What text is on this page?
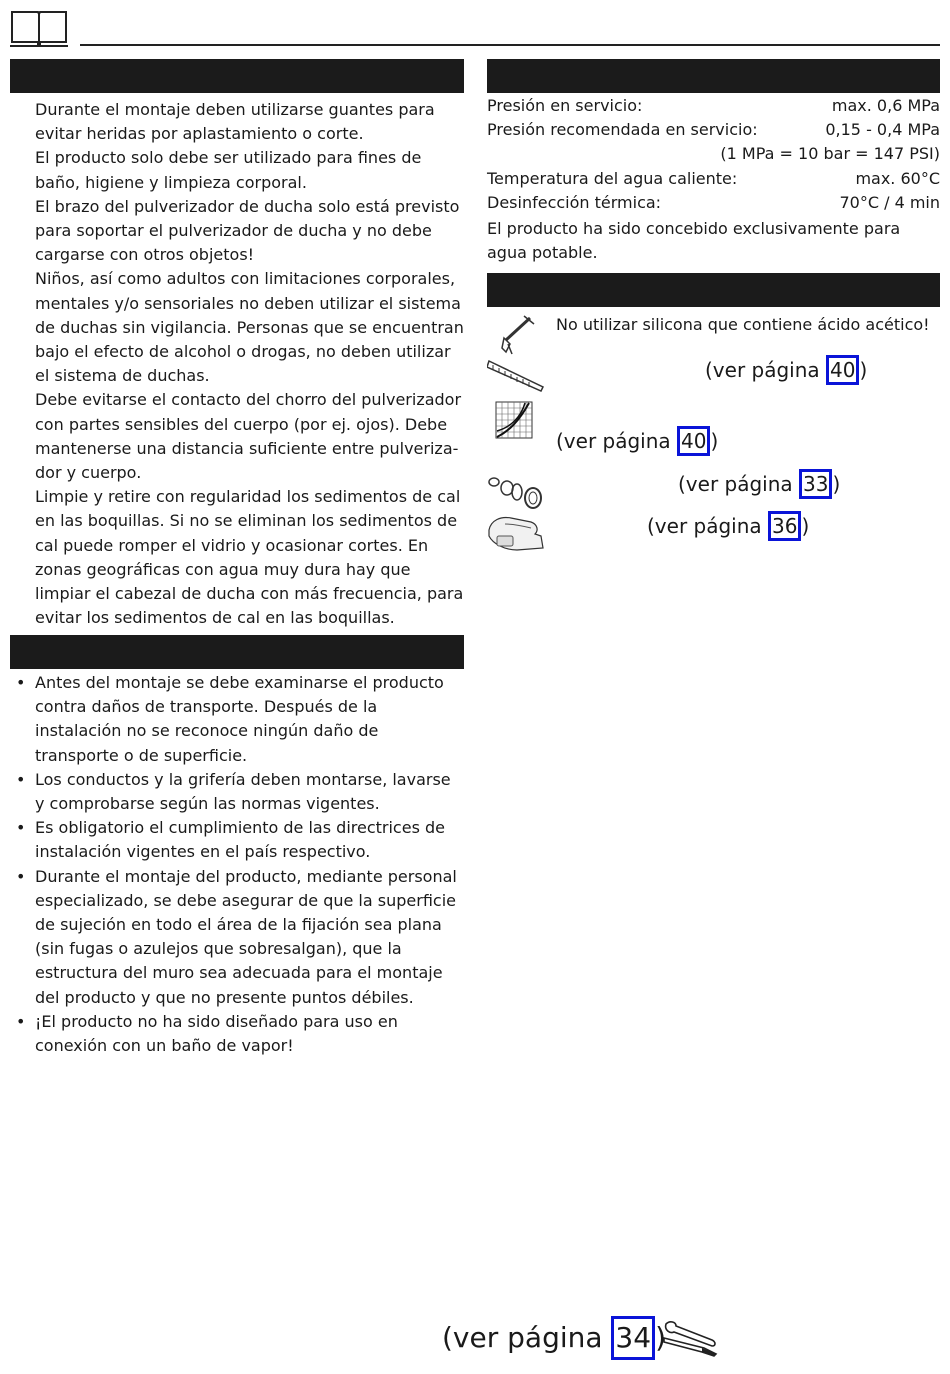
Durante el montaje deben utilizarse guantes para evitar heridas por aplastamiento o corte.

El producto solo debe ser utilizado para fines de baño, higiene y limpieza corporal.

El brazo del pulverizador de ducha solo está previsto para soportar el pulverizador de ducha y no debe cargarse con otros objetos!

Niños, así como adultos con limitaciones corporales, mentales y/o sensoriales no deben utilizar el sistema de duchas sin vigilancia. Personas que se encuentran bajo el efecto de alcohol o drogas, no deben utilizar el sistema de duchas.

Debe evitarse el contacto del chorro del pulverizador con partes sensibles del cuerpo (por ej. ojos). Debe mantenerse una distancia suficiente entre pulveriza-dor y cuerpo.

Limpie y retire con regularidad los sedimentos de cal en las boquillas. Si no se eliminan los sedimentos de cal puede romper el vidrio y ocasionar cortes. En zonas geográficas con agua muy dura hay que limpiar el cabezal de ducha con más frecuencia, para evitar los sedimentos de cal en las boquillas.

• Antes del montaje se debe examinarse el producto contra daños de transporte. Después de la instalación no se reconoce ningún daño de transporte o de superficie.
• Los conductos y la grifería deben montarse, lavarse y comprobarse según las normas vigentes.
• Es obligatorio el cumplimiento de las directrices de instalación vigentes en el país respectivo.
• Durante el montaje del producto, mediante personal especializado, se debe asegurar de que la superficie de sujeción en todo el área de la fijación sea plana (sin fugas o azulejos que sobresalgan), que la estructura del muro sea adecuada para el montaje del producto y que no presente puntos débiles.
• ¡El producto no ha sido diseñado para uso en conexión con un baño de vapor!
Presión en servicio:	max. 0,6 MPa
Presión recomendada en servicio:	0,15 - 0,4 MPa
(1 MPa = 10 bar = 147 PSI)
Temperatura del agua caliente:	max. 60°C
Desinfección térmica:	70°C / 4 min
El producto ha sido concebido exclusivamente para agua potable.
No utilizar silicona que contiene ácido acético!
(ver página 40 )
(ver página 40 )
(ver página 33 )
(ver página 36 )
(ver página 34 )
